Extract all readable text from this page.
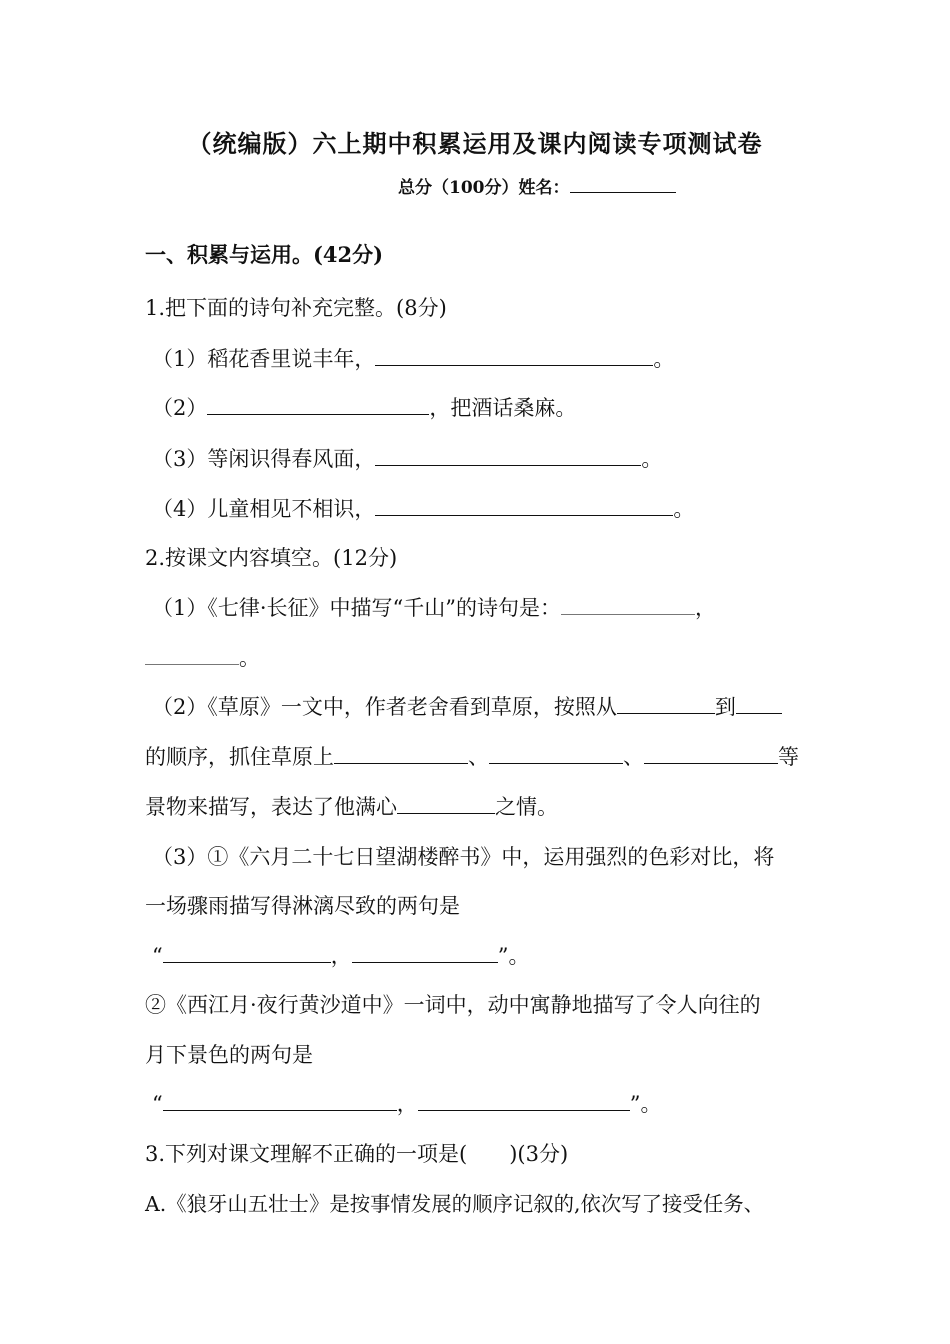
（统编版）六上期中积累运用及课内阅读专项测试卷
总分（100分）姓名：
一、积累与运用。(42分)
1.把下面的诗句补充完整。(8分)
（1）稻花香里说丰年，	。
（2）	，把酒话桑麻。
（3）等闲识得春风面，	。
（4）儿童相见不相识，	。
2.按课文内容填空。(12分)
（1）《七律·长征》中描写“千山”的诗句是：	，
。
（2）《草原》一文中，作者老舍看到草原，按照从	到
的顺序，抓住草原上	、	、	等
景物来描写，表达了他满心	之情。
（3）①《六月二十七日望湖楼醉书》中，运用强烈的色彩对比，将
一场骤雨描写得淋漓尽致的两句是
“	，	”。
②《西江月·夜行黄沙道中》一词中，动中寓静地描写了令人向往的
月下景色的两句是
“	，	”。
3.下列对课文理解不正确的一项是(　　)(3分)
A.《狼牙山五壮士》是按事情发展的顺序记叙的,依次写了接受任务、
